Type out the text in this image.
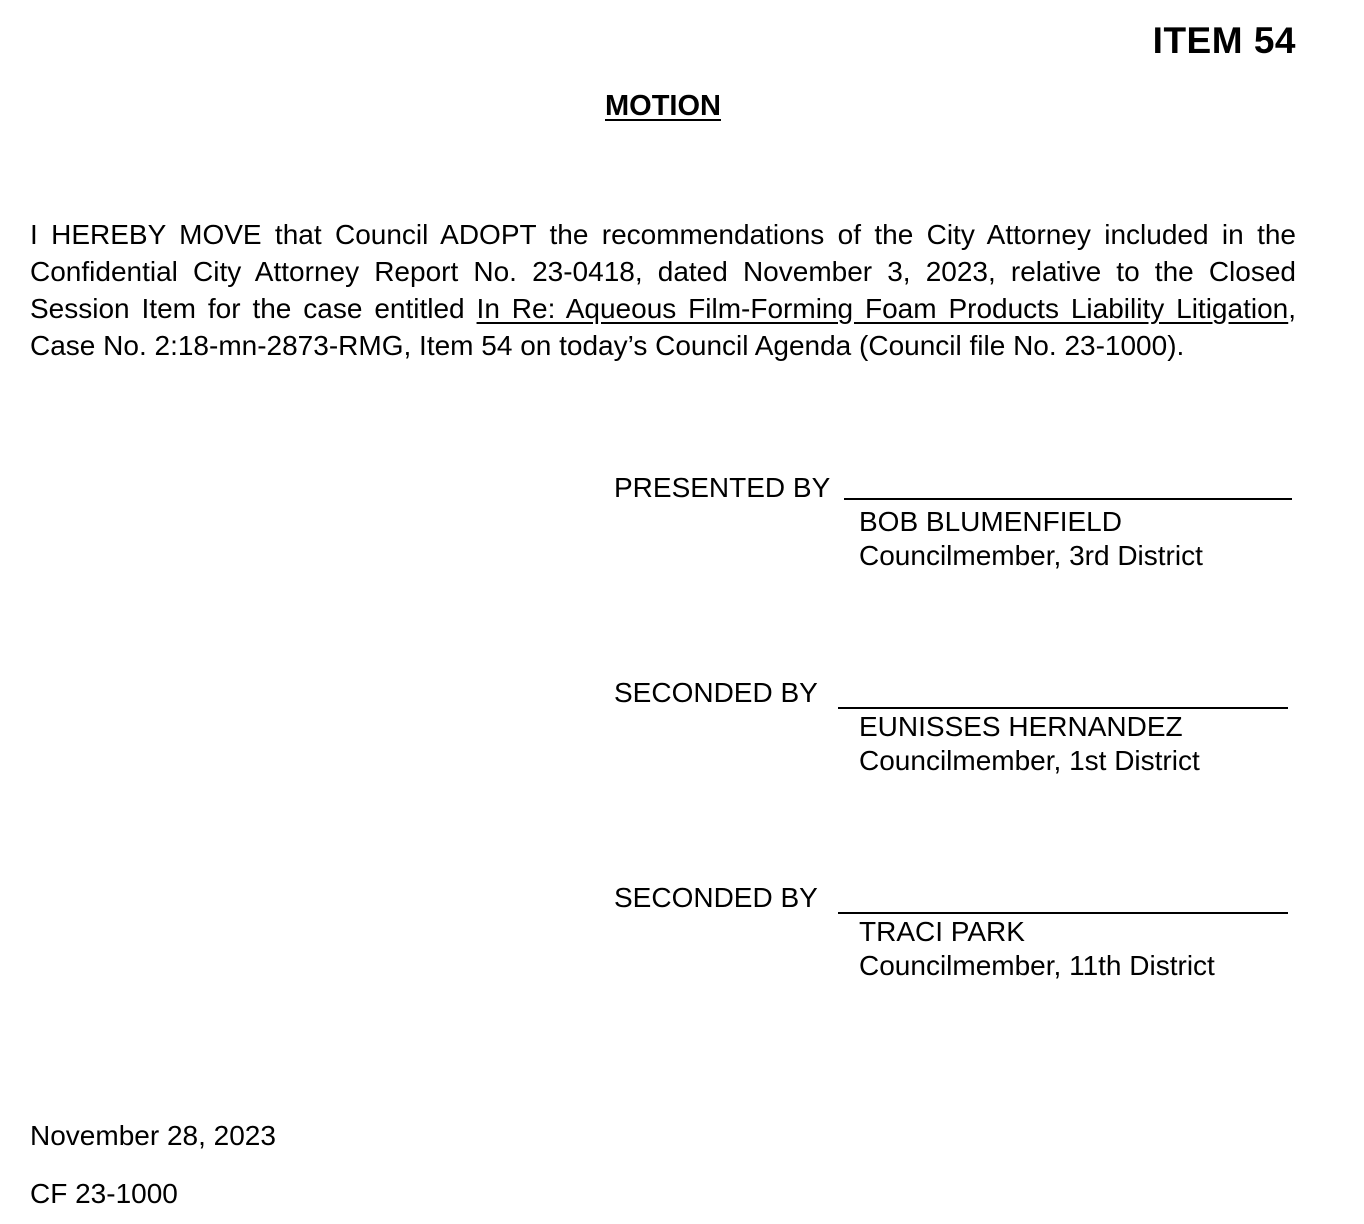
ITEM 54
MOTION
I HEREBY MOVE that Council ADOPT the recommendations of the City Attorney included in the Confidential City Attorney Report No. 23-0418, dated November 3, 2023, relative to the Closed Session Item for the case entitled In Re: Aqueous Film-Forming Foam Products Liability Litigation, Case No. 2:18-mn-2873-RMG, Item 54 on today’s Council Agenda (Council file No. 23-1000).
PRESENTED BY
BOB BLUMENFIELD
Councilmember, 3rd District
SECONDED BY
EUNISSES HERNANDEZ
Councilmember, 1st District
SECONDED BY
TRACI PARK
Councilmember, 11th District
November 28, 2023
CF 23-1000
